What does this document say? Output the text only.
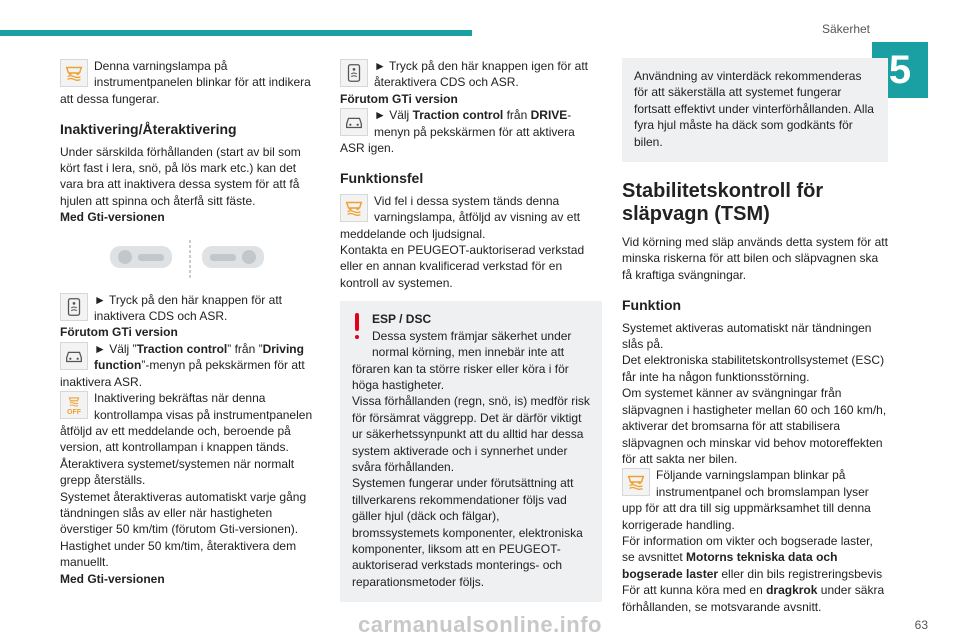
Säkerhet
5

Denna varningslampa på instrumentpanelen blinkar för att indikera att dessa fungerar.

Inaktivering/Återaktivering

Under särskilda förhållanden (start av bil som kört fast i lera, snö, på lös mark etc.) kan det vara bra att inaktivera dessa system för att få hjulen att spinna och återfå sitt fäste.

Med Gti-versionen

► Tryck på den här knappen för att inaktivera CDS och ASR.

Förutom GTi version

► Välj ”Traction control” från ”Driving function”-menyn på pekskärmen för att inaktivera ASR.

OFF

Inaktivering bekräftas när denna kontrollampa visas på instrumentpanelen åtföljd av ett meddelande och, beroende på version, att kontrollampan i knappen tänds.

Återaktivera systemet/systemen när normalt grepp återställs.

Systemet återaktiveras automatiskt varje gång tändningen slås av eller när hastigheten överstiger 50 km/tim (förutom Gti-versionen).

Hastighet under 50 km/tim, återaktivera dem manuellt.

Med Gti-versionen

► Tryck på den här knappen igen för att återaktivera CDS och ASR.

Förutom GTi version

► Välj Traction control från DRIVE-menyn på pekskärmen för att aktivera ASR igen.

Funktionsfel

Vid fel i dessa system tänds denna varningslampa, åtföljd av visning av ett meddelande och ljudsignal.

Kontakta en PEUGEOT-auktoriserad verkstad eller en annan kvalificerad verkstad för en kontroll av systemen.

ESP / DSC

Dessa system främjar säkerhet under normal körning, men innebär inte att föraren kan ta större risker eller köra i för höga hastigheter.

Vissa förhållanden (regn, snö, is) medför risk för försämrat väggrepp. Det är därför viktigt ur säkerhetssynpunkt att du alltid har dessa system aktiverade och i synnerhet under svåra förhållanden.

Systemen fungerar under förutsättning att tillverkarens rekommendationer följs vad gäller hjul (däck och fälgar), bromssystemets komponenter, elektroniska komponenter, liksom att en PEUGEOT-auktoriserad verkstads monterings- och reparationsmetoder följs.

Användning av vinterdäck rekommenderas för att säkerställa att systemet fungerar fortsatt effektivt under vinterförhållanden. Alla fyra hjul måste ha däck som godkänts för bilen.

Stabilitetskontroll för släpvagn (TSM)

Vid körning med släp används detta system för att minska riskerna för att bilen och släpvagnen ska få kraftiga svängningar.

Funktion

Systemet aktiveras automatiskt när tändningen slås på.

Det elektroniska stabilitetskontrollsystemet (ESC) får inte ha någon funktionsstörning.

Om systemet känner av svängningar från släpvagnen i hastigheter mellan 60 och 160 km/h, aktiverar det bromsarna för att stabilisera släpvagnen och minskar vid behov motoreffekten för att sakta ner bilen.

Följande varningslampan blinkar på instrumentpanel och bromslampan lyser upp för att dra till sig uppmärksamhet till denna korrigerade handling.

För information om vikter och bogserade laster, se avsnittet Motorns tekniska data och bogserade laster eller din bils registreringsbevis

För att kunna köra med en dragkrok under säkra förhållanden, se motsvarande avsnitt.

63
carmanualsonline.info
